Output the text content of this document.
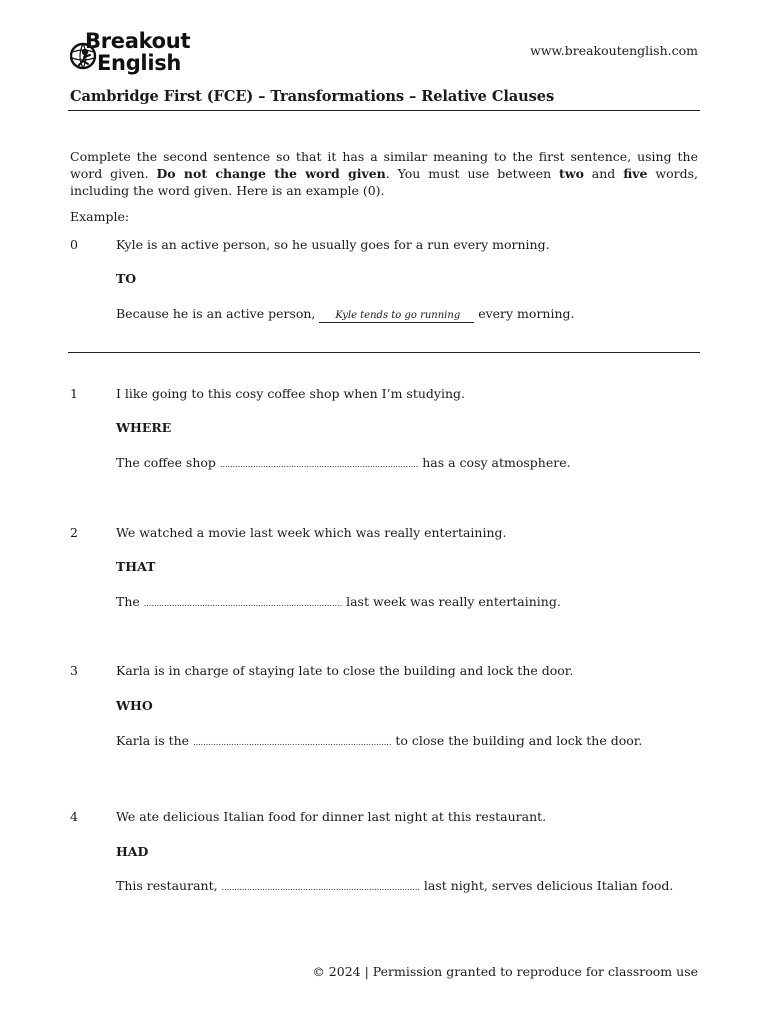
Breakout
English
www.breakoutenglish.com
Cambridge First (FCE) – Transformations – Relative Clauses
Complete the second sentence so that it has a similar meaning to the first sentence, using the word given. Do not change the word given. You must use between two and five words, including the word given. Here is an example (0).
Example:
0	Kyle is an active person, so he usually goes for a run every morning.
TO
Because he is an active person, Kyle tends to go running every morning.
1	I like going to this cosy coffee shop when I’m studying.
WHERE
The coffee shop .............................................................................. has a cosy atmosphere.
2	We watched a movie last week which was really entertaining.
THAT
The .............................................................................. last week was really entertaining.
3	Karla is in charge of staying late to close the building and lock the door.
WHO
Karla is the .............................................................................. to close the building and lock the door.
4	We ate delicious Italian food for dinner last night at this restaurant.
HAD
This restaurant, .............................................................................. last night, serves delicious Italian food.
© 2024 | Permission granted to reproduce for classroom use
